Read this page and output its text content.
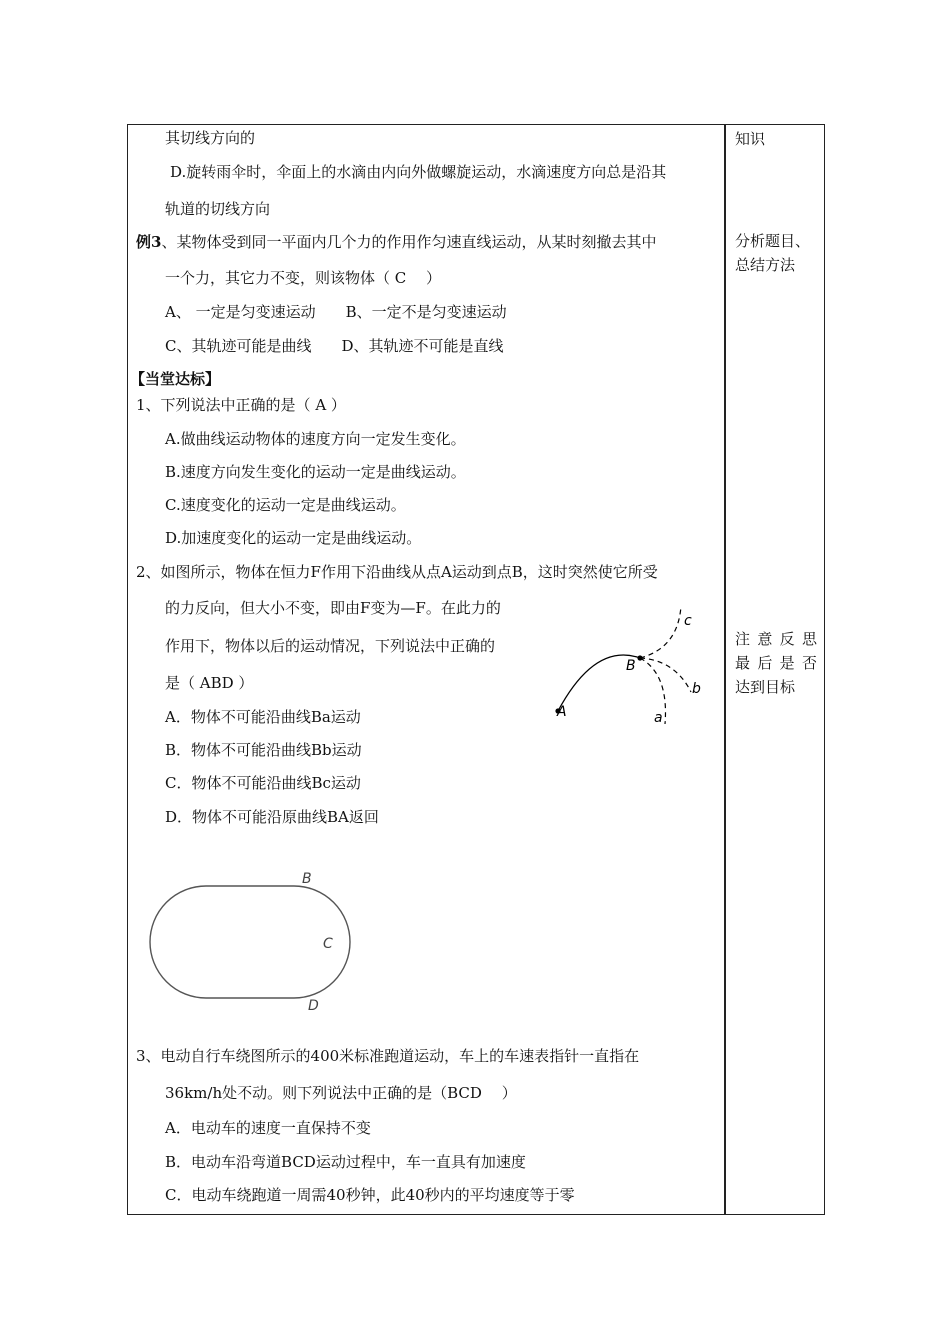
其切线方向的
D.旋转雨伞时，伞面上的水滴由内向外做螺旋运动，水滴速度方向总是沿其
轨道的切线方向
例3、某物体受到同一平面内几个力的作用作匀速直线运动，从某时刻撤去其中
一个力，其它力不变，则该物体（ C　 ）
A、 一定是匀变速运动　　B、一定不是匀变速运动
C、其轨迹可能是曲线　　D、其轨迹不可能是直线
【当堂达标】
1、下列说法中正确的是（ A ）
A.做曲线运动物体的速度方向一定发生变化。
B.速度方向发生变化的运动一定是曲线运动。
C.速度变化的运动一定是曲线运动。
D.加速度变化的运动一定是曲线运动。
2、如图所示，物体在恒力F作用下沿曲线从点A运动到点B，这时突然使它所受
的力反向，但大小不变，即由F变为—F。在此力的
作用下，物体以后的运动情况，下列说法中正确的
是（ ABD ）
A．物体不可能沿曲线Ba运动
B．物体不可能沿曲线Bb运动
C．物体不可能沿曲线Bc运动
D．物体不可能沿原曲线BA返回
A
B
c
b
a
B
C
D
3、电动自行车绕图所示的400米标准跑道运动，车上的车速表指针一直指在
36km/h处不动。则下列说法中正确的是（BCD　 ）
A．电动车的速度一直保持不变
B．电动车沿弯道BCD运动过程中，车一直具有加速度
C．电动车绕跑道一周需40秒钟，此40秒内的平均速度等于零
知识
分析题目、总结方法
注意反思
最后是否
达到目标
